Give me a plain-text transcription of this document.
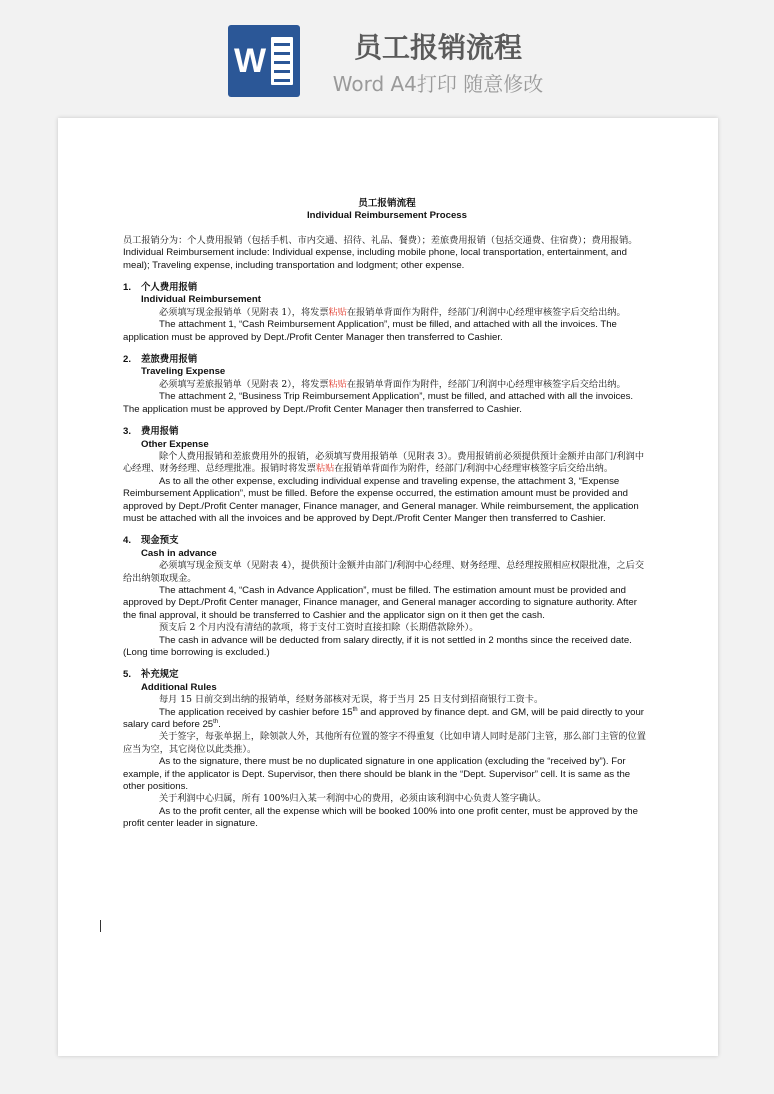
W	员工报销流程
Word A4打印 随意修改

员工报销流程

Individual Reimbursement Process

员工报销分为：个人费用报销（包括手机、市内交通、招待、礼品、餐费）；差旅费用报销（包括交通费、住宿费）；费用报销。

Individual Reimbursement include: Individual expense, including mobile phone, local transportation, entertainment, and meal); Traveling expense, including transportation and lodgment; other expense.

1.	个人费用报销

Individual Reimbursement

必须填写现金报销单（见附表 1），将发票粘贴在报销单背面作为附件，经部门/利润中心经理审核签字后交给出纳。

The attachment 1, “Cash Reimbursement Application”, must be filled, and attached with all the invoices. The application must be approved by Dept./Profit Center Manager then transferred to Cashier.

2.	差旅费用报销

Traveling Expense

必须填写差旅报销单（见附表 2），将发票粘贴在报销单背面作为附件，经部门/利润中心经理审核签字后交给出纳。

The attachment 2, “Business Trip Reimbursement Application”, must be filled, and attached with all the invoices. The application must be approved by Dept./Profit Center Manager then transferred to Cashier.

3.	费用报销

Other Expense

除个人费用报销和差旅费用外的报销，必须填写费用报销单（见附表 3）。费用报销前必须提供预计金额并由部门/利润中心经理、财务经理、总经理批准。报销时将发票粘贴在报销单背面作为附件，经部门/利润中心经理审核签字后交给出纳。

As to all the other expense, excluding individual expense and traveling expense, the attachment 3, “Expense Reimbursement Application”, must be filled. Before the expense occurred, the estimation amount must be provided and approved by Dept./Profit Center manager, Finance manager, and General manager. While reimbursement, the application must be attached with all the invoices and be approved by Dept./Profit Center Manger then transferred to Cashier.

4.	现金预支

Cash in advance

必须填写现金预支单（见附表 4），提供预计金额并由部门/利润中心经理、财务经理、总经理按照相应权限批准，之后交给出纳领取现金。

The attachment 4, “Cash in Advance Application”, must be filled. The estimation amount must be provided and approved by Dept./Profit Center manager, Finance manager, and General manager according to signature authority. After the final approval, it should be transferred to Cashier and the applicator sign on it then get the cash.

预支后 2 个月内没有清结的款项，将于支付工资时直接扣除（长期借款除外）。

The cash in advance will be deducted from salary directly, if it is not settled in 2 months since the received date. (Long time borrowing is excluded.)

5.	补充规定

Additional Rules

每月 15 日前交到出纳的报销单，经财务部核对无误，将于当月 25 日支付到招商银行工资卡。

The application received by cashier before 15th and approved by finance dept. and GM, will be paid directly to your salary card before 25th.

关于签字，每张单据上，除领款人外，其他所有位置的签字不得重复（比如申请人同时是部门主管，那么部门主管的位置应当为空，其它岗位以此类推）。

As to the signature, there must be no duplicated signature in one application (excluding the “received by”). For example, if the applicator is Dept. Supervisor, then there should be blank in the “Dept. Supervisor” cell. It is same as the other positions.

关于利润中心归属，所有 100%归入某一利润中心的费用，必须由该利润中心负责人签字确认。

As to the profit center, all the expense which will be booked 100% into one profit center, must be approved by the profit center leader in signature.
